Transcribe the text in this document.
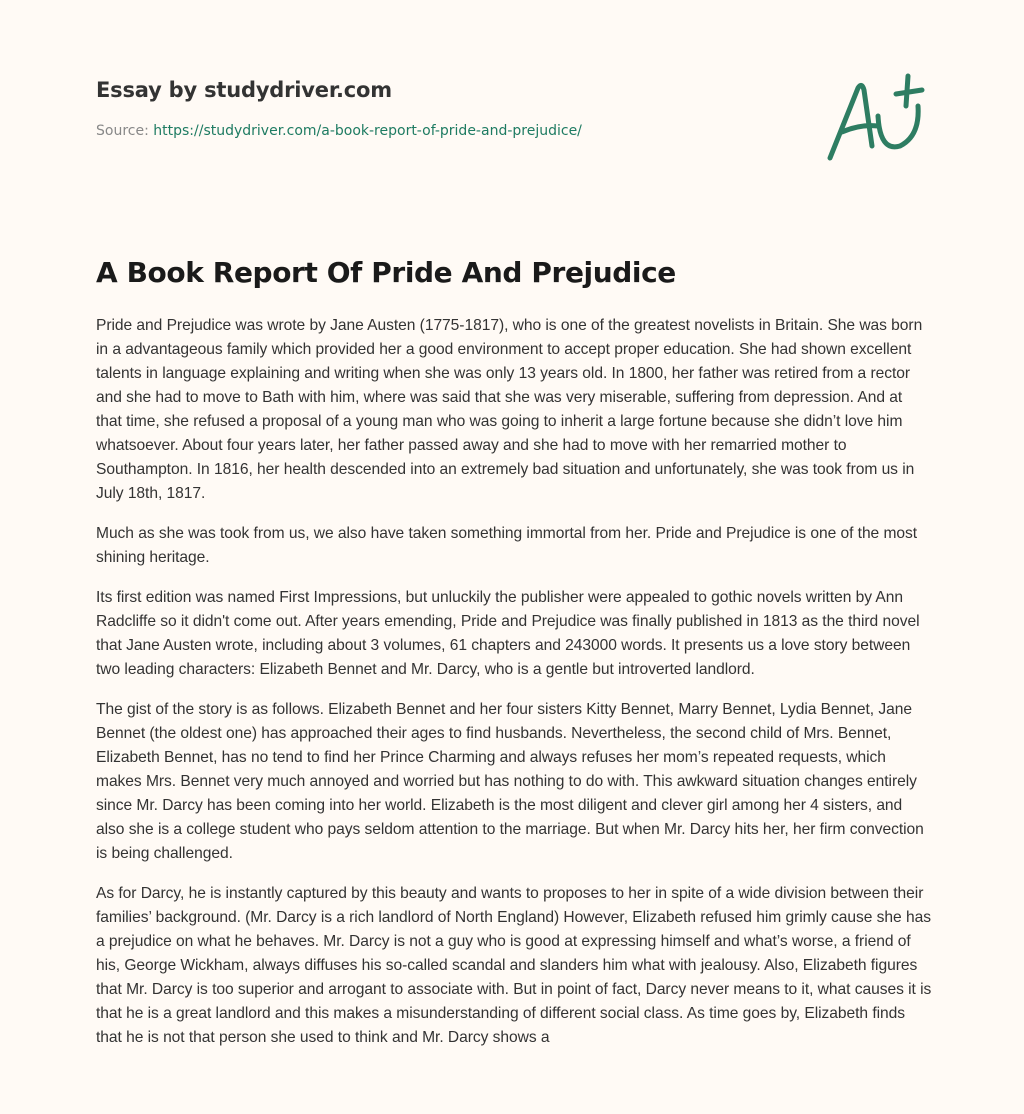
Essay by studydriver.com
Source: https://studydriver.com/a-book-report-of-pride-and-prejudice/
A Book Report Of Pride And Prejudice

Pride and Prejudice was wrote by Jane Austen (1775-1817), who is one of the greatest novelists in Britain. She was born in a advantageous family which provided her a good environment to accept proper education. She had shown excellent talents in language explaining and writing when she was only 13 years old. In 1800, her father was retired from a rector and she had to move to Bath with him, where was said that she was very miserable, suffering from depression. And at that time, she refused a proposal of a young man who was going to inherit a large fortune because she didn’t love him whatsoever. About four years later, her father passed away and she had to move with her remarried mother to Southampton. In 1816, her health descended into an extremely bad situation and unfortunately, she was took from us in July 18th, 1817.

Much as she was took from us, we also have taken something immortal from her. Pride and Prejudice is one of the most shining heritage.

Its first edition was named First Impressions, but unluckily the publisher were appealed to gothic novels written by Ann Radcliffe so it didn't come out. After years emending, Pride and Prejudice was finally published in 1813 as the third novel that Jane Austen wrote, including about 3 volumes, 61 chapters and 243000 words. It presents us a love story between two leading characters: Elizabeth Bennet and Mr. Darcy, who is a gentle but introverted landlord.

The gist of the story is as follows. Elizabeth Bennet and her four sisters Kitty Bennet, Marry Bennet, Lydia Bennet, Jane Bennet (the oldest one) has approached their ages to find husbands. Nevertheless, the second child of Mrs. Bennet, Elizabeth Bennet, has no tend to find her Prince Charming and always refuses her mom’s repeated requests, which makes Mrs. Bennet very much annoyed and worried but has nothing to do with. This awkward situation changes entirely since Mr. Darcy has been coming into her world. Elizabeth is the most diligent and clever girl among her 4 sisters, and also she is a college student who pays seldom attention to the marriage. But when Mr. Darcy hits her, her firm convection is being challenged.

As for Darcy, he is instantly captured by this beauty and wants to proposes to her in spite of a wide division between their families’ background. (Mr. Darcy is a rich landlord of North England) However, Elizabeth refused him grimly cause she has a prejudice on what he behaves. Mr. Darcy is not a guy who is good at expressing himself and what’s worse, a friend of his, George Wickham, always diffuses his so-called scandal and slanders him what with jealousy. Also, Elizabeth figures that Mr. Darcy is too superior and arrogant to associate with. But in point of fact, Darcy never means to it, what causes it is that he is a great landlord and this makes a misunderstanding of different social class. As time goes by, Elizabeth finds that he is not that person she used to think and Mr. Darcy shows a
